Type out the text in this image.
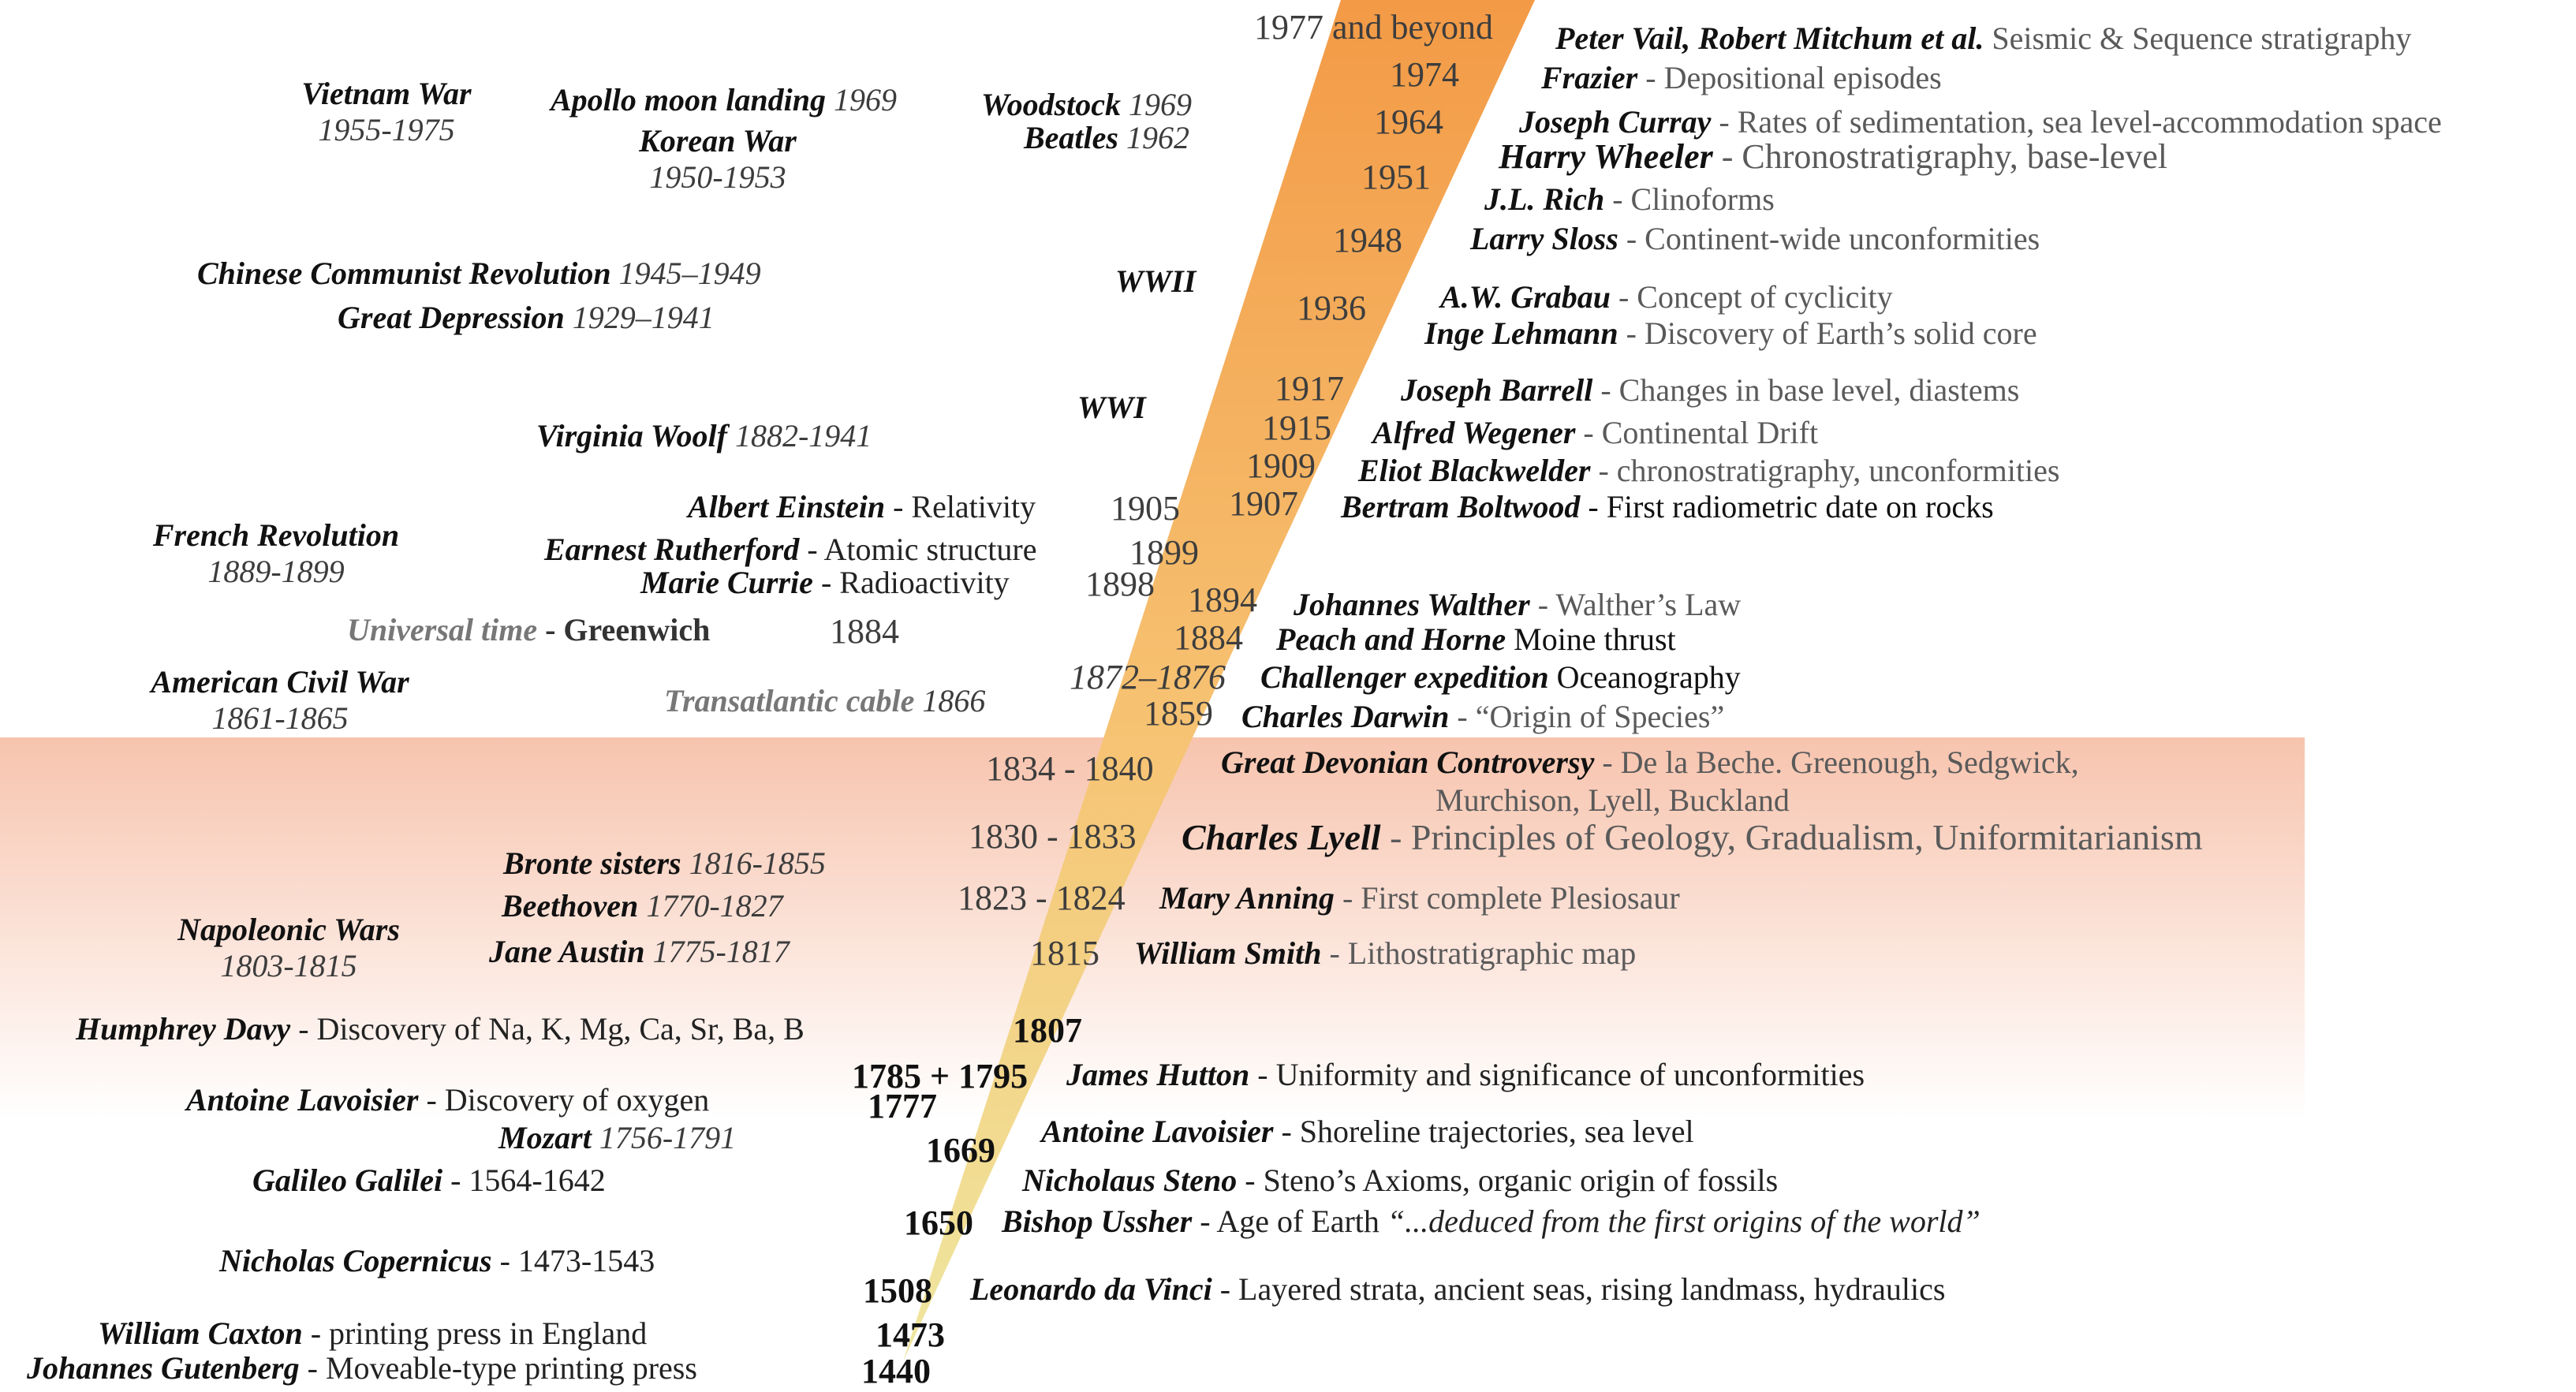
1977 and beyond
1974
1964
1951
1948
1936
1917
1915
1909
1907
1905
1899
1898 1894
1884	1884
1872–1876
1859
1834 - 1840
1830 - 1833
1823 - 1824
1815
1807
1785 + 1795
1777
1669
1650
1508
1473
1440
Peter Vail, Robert Mitchum et al. Seismic & Sequence stratigraphy
Frazier - Depositional episodes
Joseph Curray - Rates of sedimentation, sea level-accommodation space
Harry Wheeler - Chronostratigraphy, base-level
J.L. Rich - Clinoforms
Larry Sloss - Continent-wide unconformities
A.W. Grabau - Concept of cyclicity
Inge Lehmann - Discovery of Earth’s solid core
Joseph Barrell - Changes in base level, diastems
Alfred Wegener - Continental Drift
Eliot Blackwelder - chronostratigraphy, unconformities
Bertram Boltwood - First radiometric date on rocks
Johannes Walther - Walther’s Law
Peach and Horne Moine thrust
Challenger expedition Oceanography
Charles Darwin - “Origin of Species”
Great Devonian Controversy - De la Beche. Greenough, Sedgwick,
Murchison, Lyell, Buckland
Charles Lyell - Principles of Geology, Gradualism, Uniformitarianism
Mary Anning - First complete Plesiosaur
William Smith - Lithostratigraphic map
James Hutton - Uniformity and significance of unconformities
Antoine Lavoisier - Shoreline trajectories, sea level
Nicholaus Steno - Steno’s Axioms, organic origin of fossils
Bishop Ussher - Age of Earth “...deduced from the first origins of the world”
Leonardo da Vinci - Layered strata, ancient seas, rising landmass, hydraulics
Vietnam War
1955-1975
Apollo moon landing 1969
Korean War
1950-1953
Woodstock 1969
Beatles 1962
Chinese Communist Revolution 1945–1949
Great Depression 1929–1941
WWII
WWI
Virginia Woolf 1882-1941
Albert Einstein - Relativity
French Revolution
1889-1899
Earnest Rutherford - Atomic structure
Marie Currie - Radioactivity
Universal time - Greenwich
American Civil War
1861-1865	Transatlantic cable 1866
Bronte sisters 1816-1855
Beethoven 1770-1827
Napoleonic Wars
1803-1815	Jane Austin 1775-1817
Humphrey Davy - Discovery of Na, K, Mg, Ca, Sr, Ba, B
Antoine Lavoisier - Discovery of oxygen
Mozart 1756-1791
Galileo Galilei - 1564-1642
Nicholas Copernicus - 1473-1543
William Caxton - printing press in England
Johannes Gutenberg - Moveable-type printing press
